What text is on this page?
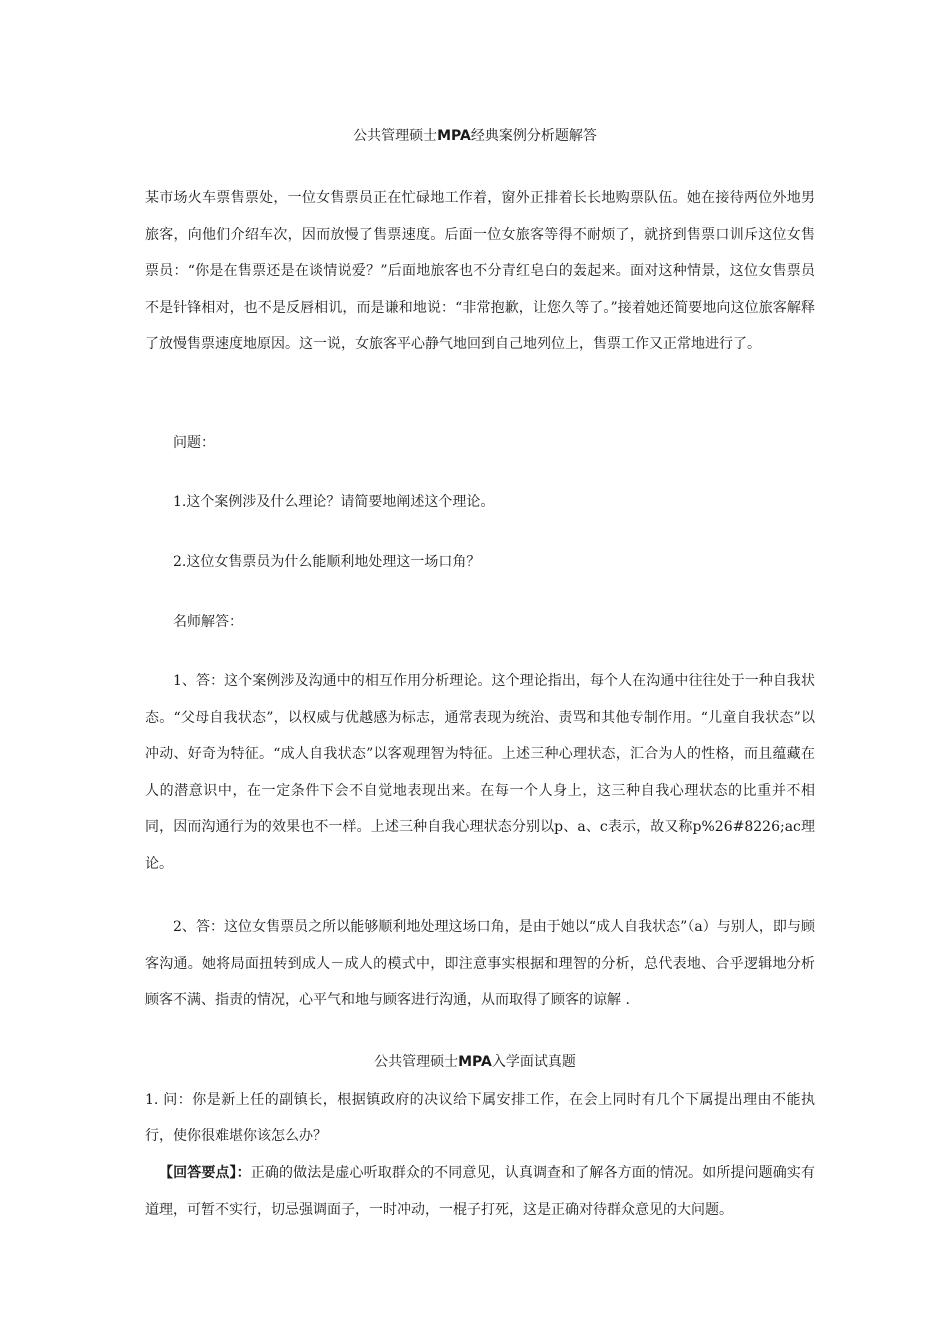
公共管理硕士MPA经典案例分析题解答

某市场火车票售票处，一位女售票员正在忙碌地工作着，窗外正排着长长地购票队伍。她在接待两位外地男旅客，向他们介绍车次，因而放慢了售票速度。后面一位女旅客等得不耐烦了，就挤到售票口训斥这位女售票员：“你是在售票还是在谈情说爱？”后面地旅客也不分青红皂白的轰起来。面对这种情景，这位女售票员不是针锋相对，也不是反唇相讥，而是谦和地说：“非常抱歉，让您久等了。”接着她还简要地向这位旅客解释了放慢售票速度地原因。这一说，女旅客平心静气地回到自己地列位上，售票工作又正常地进行了。

问题：
1.这个案例涉及什么理论？请简要地阐述这个理论。
2.这位女售票员为什么能顺利地处理这一场口角？
名师解答：

1、答：这个案例涉及沟通中的相互作用分析理论。这个理论指出，每个人在沟通中往往处于一种自我状态。“父母自我状态”，以权威与优越感为标志，通常表现为统治、责骂和其他专制作用。“儿童自我状态”以冲动、好奇为特征。“成人自我状态”以客观理智为特征。上述三种心理状态，汇合为人的性格，而且蕴藏在人的潜意识中，在一定条件下会不自觉地表现出来。在每一个人身上，这三种自我心理状态的比重并不相同，因而沟通行为的效果也不一样。上述三种自我心理状态分别以p、a、c表示，故又称p%26#8226;ac理论。

2、答：这位女售票员之所以能够顺利地处理这场口角，是由于她以“成人自我状态”（a）与别人，即与顾客沟通。她将局面扭转到成人－成人的模式中，即注意事实根据和理智的分析，总代表地、合乎逻辑地分析顾客不满、指责的情况，心平气和地与顾客进行沟通，从而取得了顾客的谅解 .

公共管理硕士MPA入学面试真题

1. 问：你是新上任的副镇长，根据镇政府的决议给下属安排工作，在会上同时有几个下属提出理由不能执行，使你很难堪你该怎么办？

【回答要点】：正确的做法是虚心听取群众的不同意见，认真调查和了解各方面的情况。如所提问题确实有道理，可暂不实行，切忌强调面子，一时冲动，一棍子打死，这是正确对待群众意见的大问题。
